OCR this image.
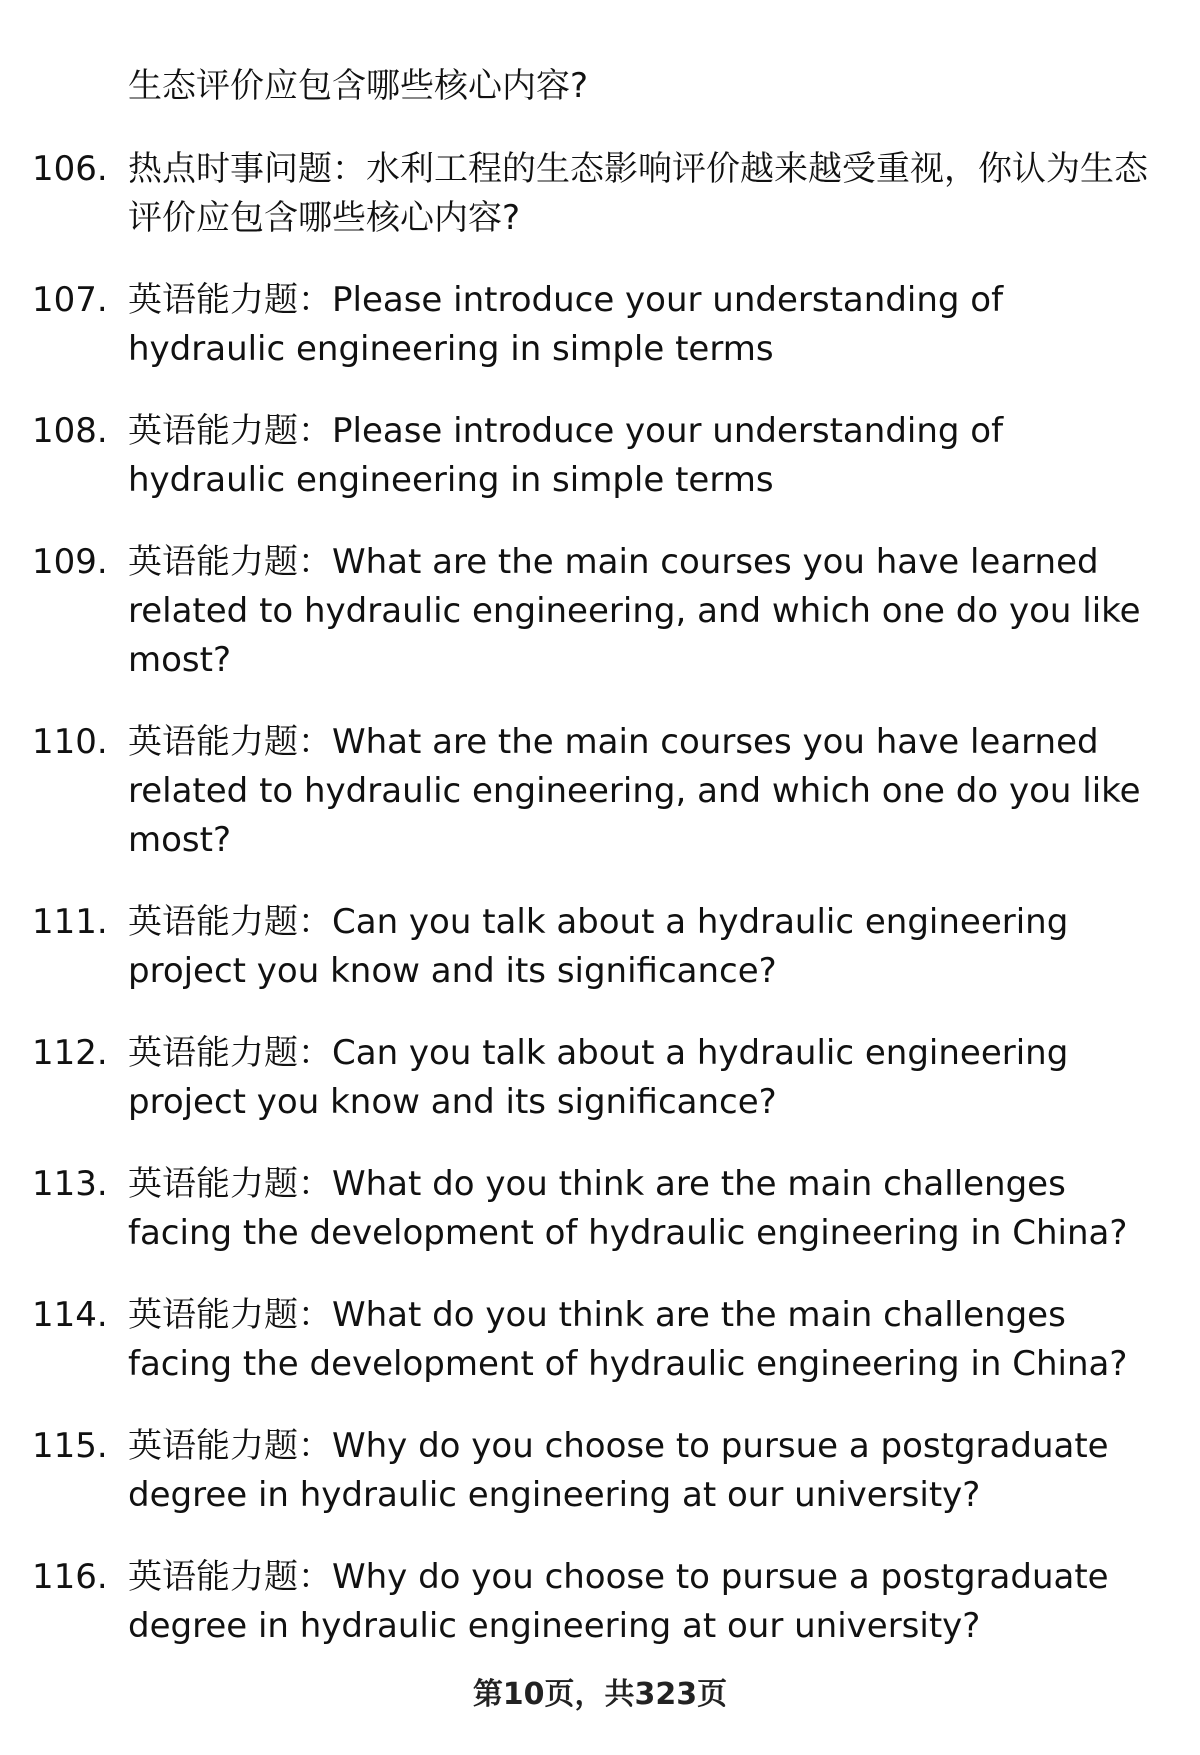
生态评价应包含哪些核心内容?
106. 热点时事问题：水利工程的生态影响评价越来越受重视，你认为生态评价应包含哪些核心内容?
107. 英语能力题：Please introduce your understanding of hydraulic engineering in simple terms
108. 英语能力题：Please introduce your understanding of hydraulic engineering in simple terms
109. 英语能力题：What are the main courses you have learned related to hydraulic engineering, and which one do you like most?
110. 英语能力题：What are the main courses you have learned related to hydraulic engineering, and which one do you like most?
111. 英语能力题：Can you talk about a hydraulic engineering project you know and its significance?
112. 英语能力题：Can you talk about a hydraulic engineering project you know and its significance?
113. 英语能力题：What do you think are the main challenges facing the development of hydraulic engineering in China?
114. 英语能力题：What do you think are the main challenges facing the development of hydraulic engineering in China?
115. 英语能力题：Why do you choose to pursue a postgraduate degree in hydraulic engineering at our university?
116. 英语能力题：Why do you choose to pursue a postgraduate degree in hydraulic engineering at our university?
第10页，共323页
